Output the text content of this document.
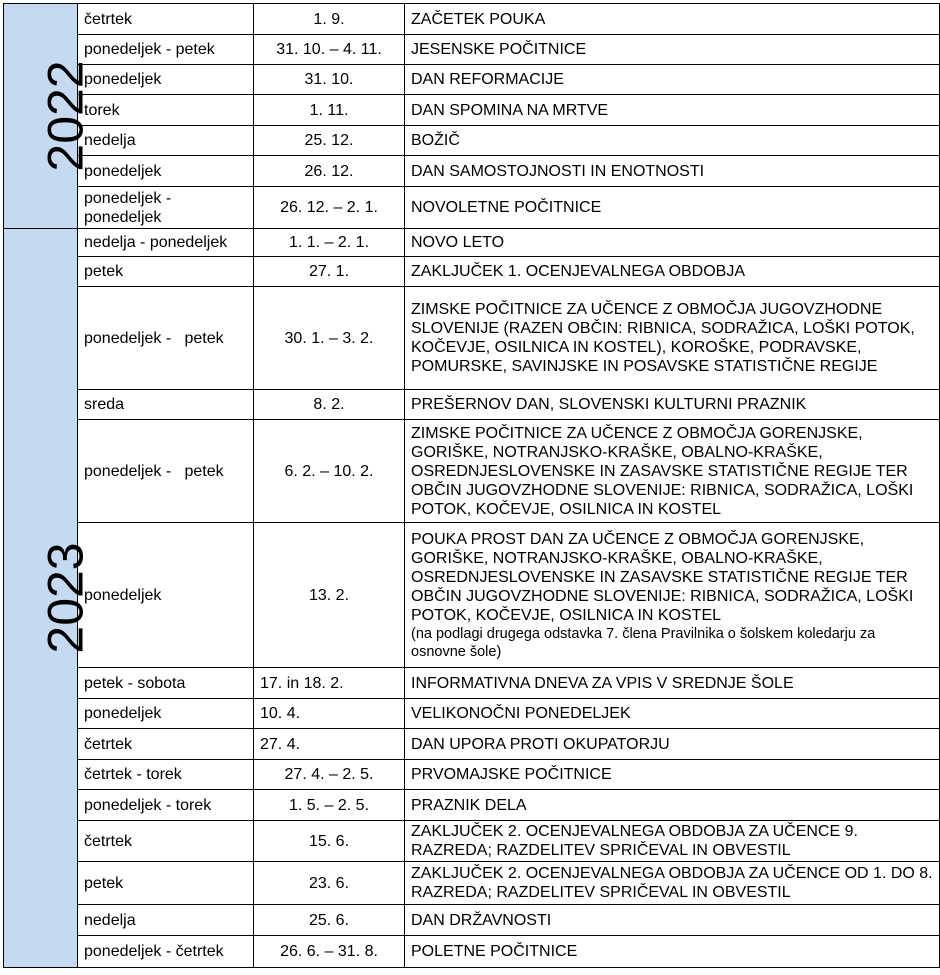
2022	četrtek	1. 9.	ZAČETEK POUKA
	ponedeljek - petek	31. 10. – 4. 11.	JESENSKE POČITNICE
	ponedeljek	31. 10.	DAN REFORMACIJE
	torek	1. 11.	DAN SPOMINA NA MRTVE
	nedelja	25. 12.	BOŽIČ
	ponedeljek	26. 12.	DAN SAMOSTOJNOSTI IN ENOTNOSTI
	ponedeljek - ponedeljek	26. 12. – 2. 1.	NOVOLETNE POČITNICE
2023	nedelja - ponedeljek	1. 1. – 2. 1.	NOVO LETO
	petek	27. 1.	ZAKLJUČEK 1. OCENJEVALNEGA OBDOBJA
	ponedeljek -   petek	30. 1. – 3. 2.	ZIMSKE POČITNICE ZA UČENCE Z OBMOČJA JUGOVZHODNE SLOVENIJE (RAZEN OBČIN: RIBNICA, SODRAŽICA, LOŠKI POTOK, KOČEVJE, OSILNICA IN KOSTEL), KOROŠKE, PODRAVSKE, POMURSKE, SAVINJSKE IN POSAVSKE STATISTIČNE REGIJE
	sreda	8. 2.	PREŠERNOV DAN, SLOVENSKI KULTURNI PRAZNIK
	ponedeljek -   petek	6. 2. – 10. 2.	ZIMSKE POČITNICE ZA UČENCE Z OBMOČJA GORENJSKE, GORIŠKE, NOTRANJSKO-KRAŠKE, OBALNO-KRAŠKE, OSREDNJESLOVENSKE IN ZASAVSKE STATISTIČNE REGIJE TER OBČIN JUGOVZHODNE SLOVENIJE: RIBNICA, SODRAŽICA, LOŠKI POTOK, KOČEVJE, OSILNICA IN KOSTEL
	ponedeljek	13. 2.	POUKA PROST DAN ZA UČENCE Z OBMOČJA GORENJSKE, GORIŠKE, NOTRANJSKO-KRAŠKE, OBALNO-KRAŠKE, OSREDNJESLOVENSKE IN ZASAVSKE STATISTIČNE REGIJE TER OBČIN JUGOVZHODNE SLOVENIJE: RIBNICA, SODRAŽICA, LOŠKI POTOK, KOČEVJE, OSILNICA IN KOSTEL
(na podlagi drugega odstavka 7. člena Pravilnika o šolskem koledarju za osnovne šole)

	petek - sobota	17. in 18. 2.	INFORMATIVNA DNEVA ZA VPIS V SREDNJE ŠOLE
	ponedeljek	10. 4.	VELIKONOČNI PONEDELJEK
	četrtek	27. 4.	DAN UPORA PROTI OKUPATORJU
	četrtek - torek	27. 4. – 2. 5.	PRVOMAJSKE POČITNICE
	ponedeljek - torek	1. 5. – 2. 5.	PRAZNIK DELA
	četrtek	15. 6.	ZAKLJUČEK 2. OCENJEVALNEGA OBDOBJA ZA UČENCE 9. RAZREDA; RAZDELITEV SPRIČEVAL IN OBVESTIL
	petek	23. 6.	ZAKLJUČEK 2. OCENJEVALNEGA OBDOBJA ZA UČENCE OD 1. DO 8. RAZREDA; RAZDELITEV SPRIČEVAL IN OBVESTIL
	nedelja	25. 6.	DAN DRŽAVNOSTI
	ponedeljek - četrtek	26. 6. – 31. 8.	POLETNE POČITNICE
